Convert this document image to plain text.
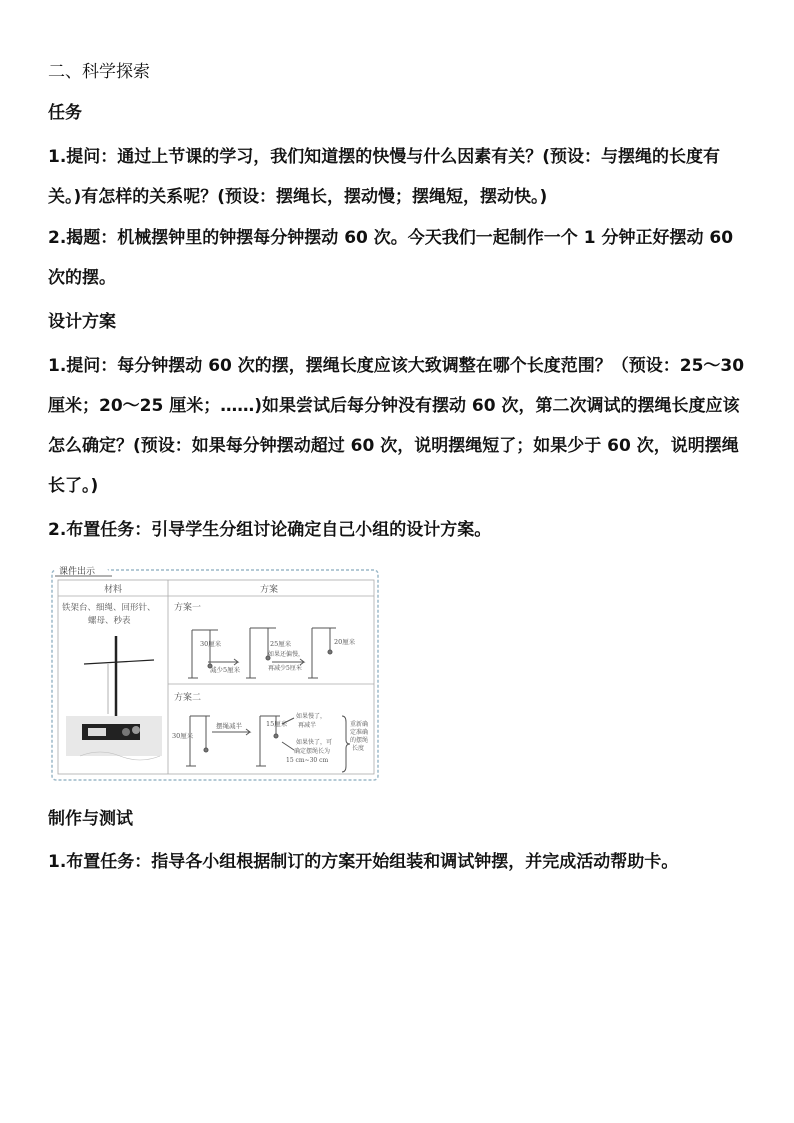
二、科学探索

任务

1.提问：通过上节课的学习，我们知道摆的快慢与什么因素有关？(预设：与摆绳的长度有关。)有怎样的关系呢？(预设：摆绳长，摆动慢；摆绳短，摆动快。)

2.揭题：机械摆钟里的钟摆每分钟摆动 60 次。今天我们一起制作一个 1 分钟正好摆动 60 次的摆。

设计方案

1.提问：每分钟摆动 60 次的摆，摆绳长度应该大致调整在哪个长度范围？（预设：25～30 厘米；20～25 厘米；……)如果尝试后每分钟没有摆动 60 次，第二次调试的摆绳长度应该怎么确定？(预设：如果每分钟摆动超过 60 次，说明摆绳短了；如果少于 60 次，说明摆绳长了。)

2.布置任务：引导学生分组讨论确定自己小组的设计方案。

课件出示
材料	方案
铁架台、细绳、回形针、
螺母、秒表
方案一
30厘米
减少5厘米
25厘米
如果还偏慢，
再减少5厘米
20厘米
方案二
30厘米
摆绳减半	15厘米
如果慢了，
再减半
如果快了，可
确定摆绳长为
15 cm~30 cm
重新确
定准确
的摆绳
长度

制作与测试

1.布置任务：指导各小组根据制订的方案开始组装和调试钟摆，并完成活动帮助卡。
